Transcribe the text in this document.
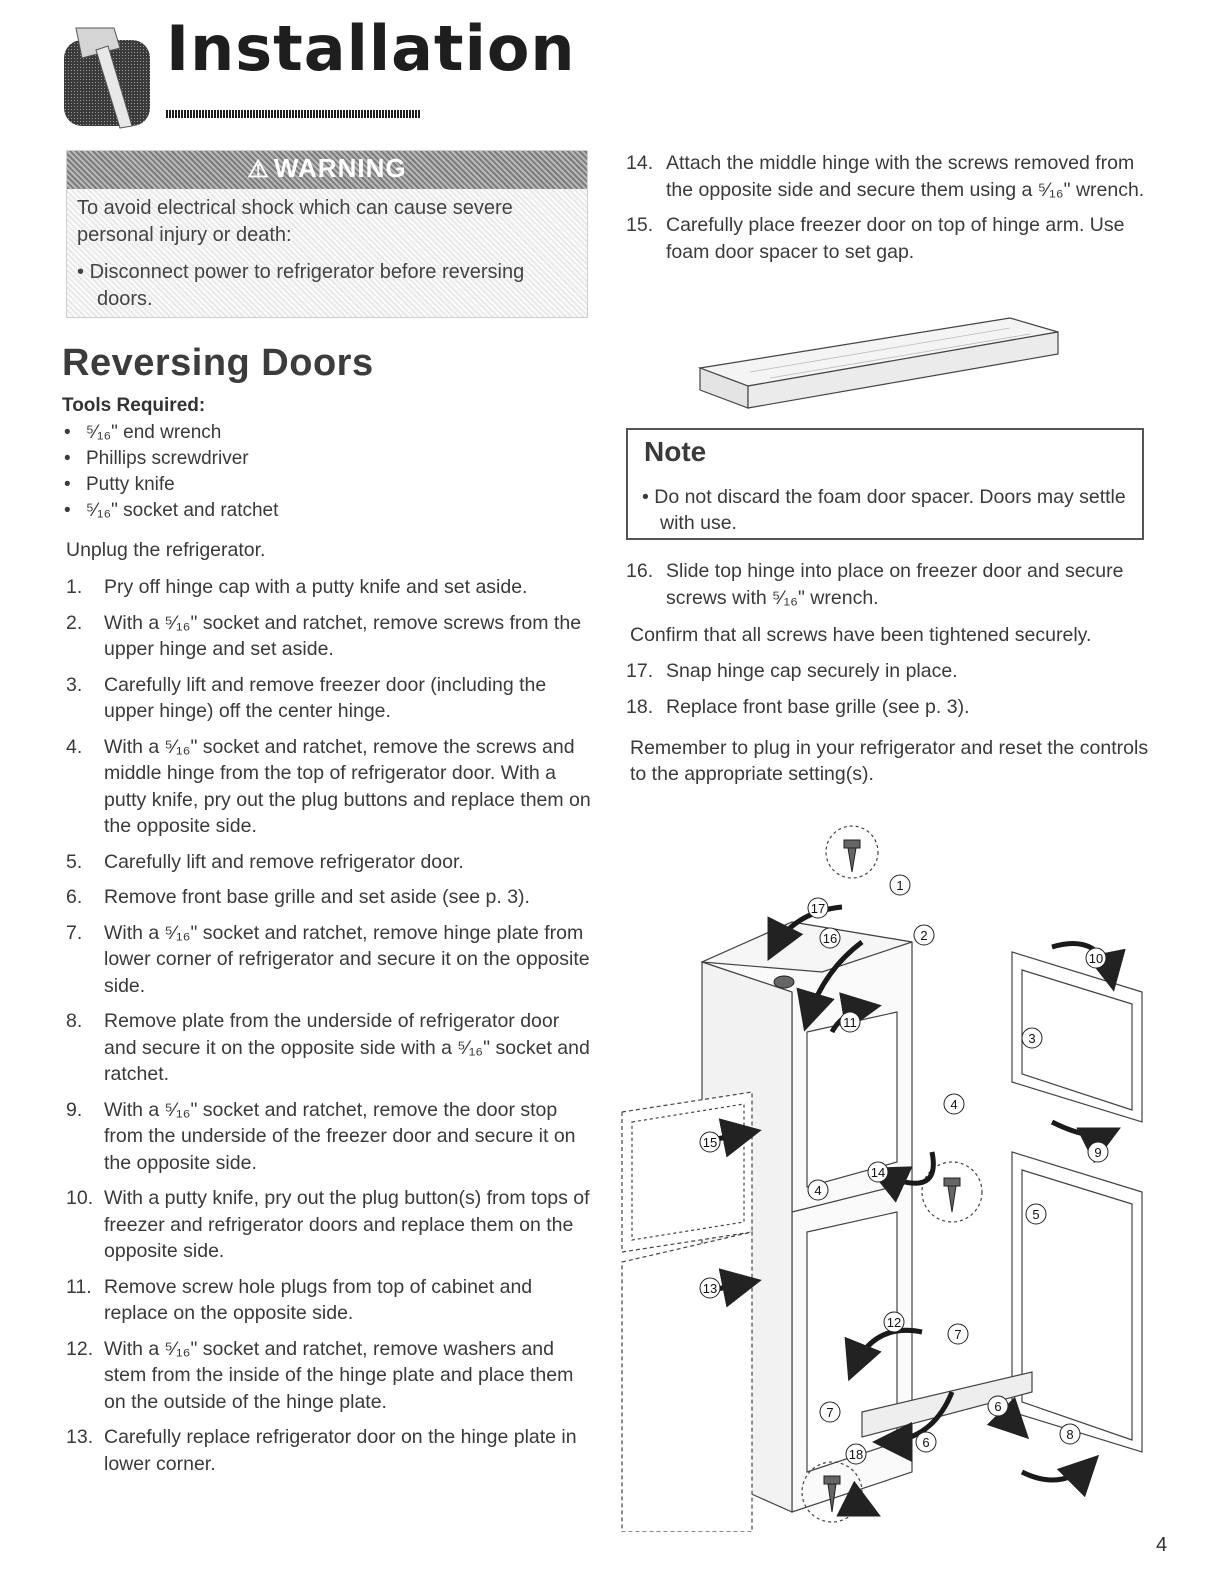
Installation
⚠ WARNING
To avoid electrical shock which can cause severe personal injury or death:
• Disconnect power to refrigerator before reversing doors.
Reversing Doors
Tools Required:
• ⁵⁄₁₆" end wrench
• Phillips screwdriver
• Putty knife
• ⁵⁄₁₆" socket and ratchet
Unplug the refrigerator.
1. Pry off hinge cap with a putty knife and set aside.
2. With a ⁵⁄₁₆" socket and ratchet, remove screws from the upper hinge and set aside.
3. Carefully lift and remove freezer door (including the upper hinge) off the center hinge.
4. With a ⁵⁄₁₆" socket and ratchet, remove the screws and middle hinge from the top of refrigerator door. With a putty knife, pry out the plug buttons and replace them on the opposite side.
5. Carefully lift and remove refrigerator door.
6. Remove front base grille and set aside (see p. 3).
7. With a ⁵⁄₁₆" socket and ratchet, remove hinge plate from lower corner of refrigerator and secure it on the opposite side.
8. Remove plate from the underside of refrigerator door and secure it on the opposite side with a ⁵⁄₁₆" socket and ratchet.
9. With a ⁵⁄₁₆" socket and ratchet, remove the door stop from the underside of the freezer door and secure it on the opposite side.
10. With a putty knife, pry out the plug button(s) from tops of freezer and refrigerator doors and replace them on the opposite side.
11. Remove screw hole plugs from top of cabinet and replace on the opposite side.
12. With a ⁵⁄₁₆" socket and ratchet, remove washers and stem from the inside of the hinge plate and place them on the outside of the hinge plate.
13. Carefully replace refrigerator door on the hinge plate in lower corner.
14. Attach the middle hinge with the screws removed from the opposite side and secure them using a ⁵⁄₁₆" wrench.
15. Carefully place freezer door on top of hinge arm. Use foam door spacer to set gap.
Note
• Do not discard the foam door spacer. Doors may settle with use.
16. Slide top hinge into place on freezer door and secure screws with ⁵⁄₁₆" wrench.
Confirm that all screws have been tightened securely.
17. Snap hinge cap securely in place.
18. Replace front base grille (see p. 3).
Remember to plug in your refrigerator and reset the controls to the appropriate setting(s).
1
2
3
4
4
5
6
6
7
7
8
9
10
11
12
13
14
15
16
17
18
4
